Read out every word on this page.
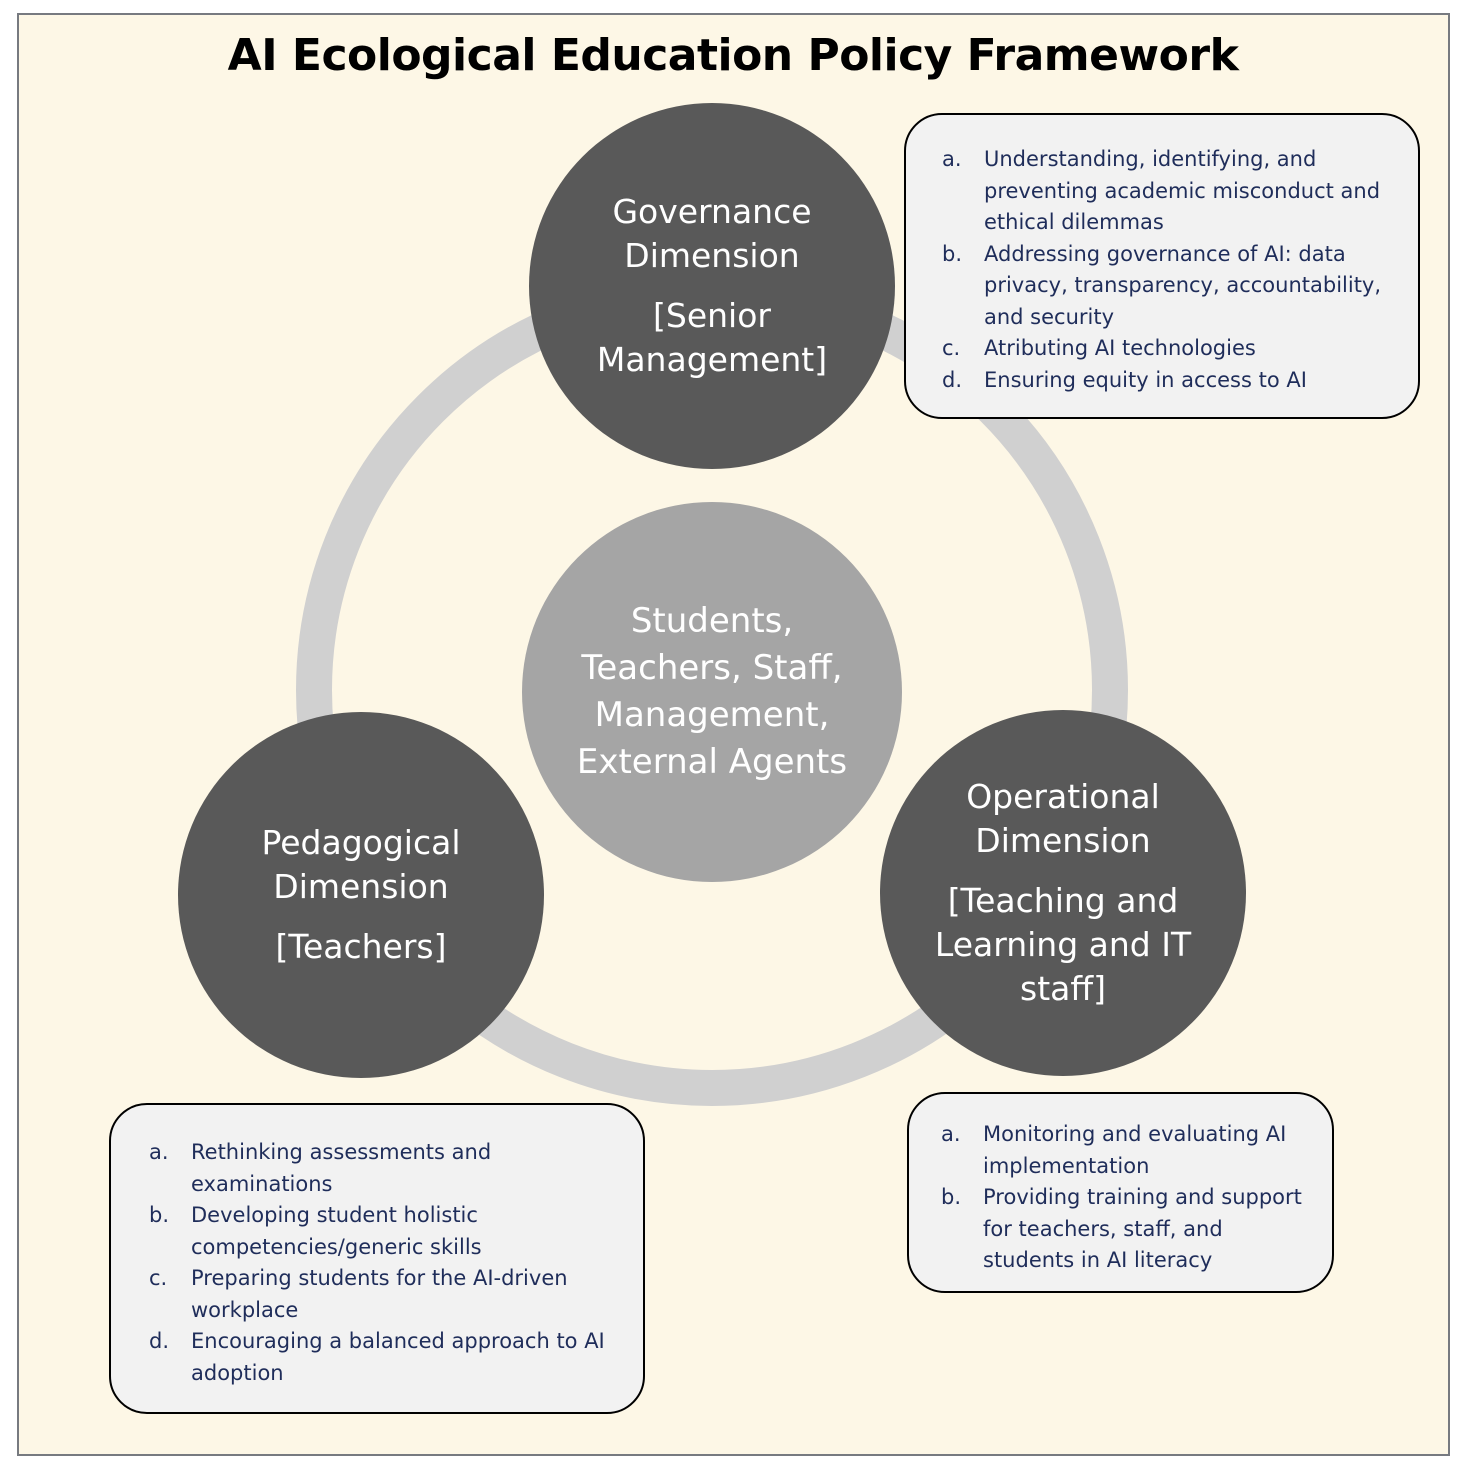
AI Ecological Education Policy Framework
Governance Dimension
[Senior Management]
Students, Teachers, Staff, Management, External Agents
Pedagogical Dimension
[Teachers]
Operational Dimension
[Teaching and Learning and IT staff]
a. Understanding, identifying, and preventing academic misconduct and ethical dilemmas
b. Addressing governance of AI: data privacy, transparency, accountability, and security
c. Atributing AI technologies
d. Ensuring equity in access to AI
a. Rethinking assessments and examinations
b. Developing student holistic competencies/generic skills
c. Preparing students for the AI-driven workplace
d. Encouraging a balanced approach to AI adoption
a. Monitoring and evaluating AI implementation
b. Providing training and support for teachers, staff, and students in AI literacy
